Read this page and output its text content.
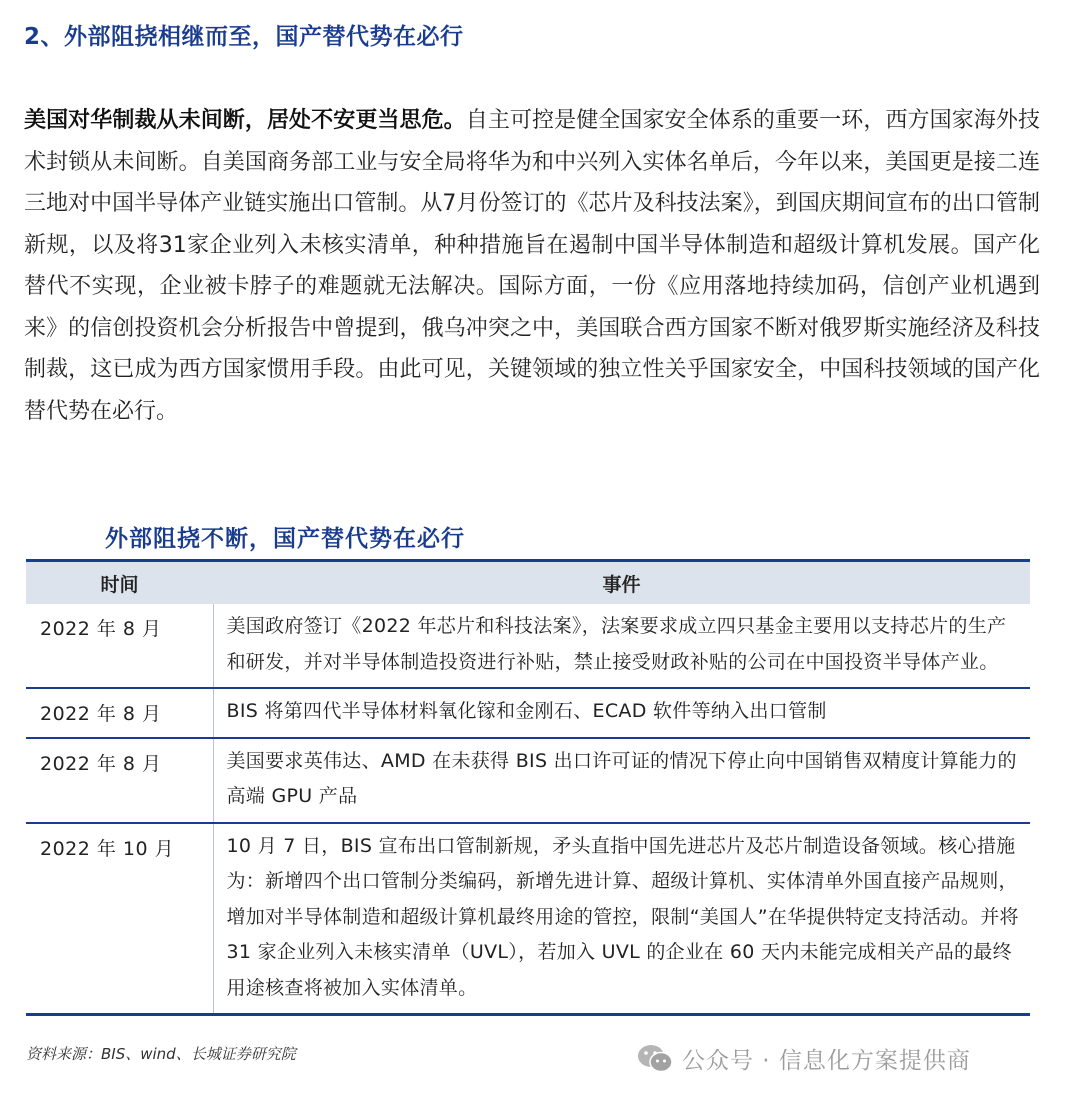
2、外部阻挠相继而至，国产替代势在必行

美国对华制裁从未间断，居处不安更当思危。自主可控是健全国家安全体系的重要一环，西方国家海外技术封锁从未间断。自美国商务部工业与安全局将华为和中兴列入实体名单后，今年以来，美国更是接二连三地对中国半导体产业链实施出口管制。从7月份签订的《芯片及科技法案》，到国庆期间宣布的出口管制新规，以及将31家企业列入未核实清单，种种措施旨在遏制中国半导体制造和超级计算机发展。国产化替代不实现，企业被卡脖子的难题就无法解决。国际方面，一份《应用落地持续加码，信创产业机遇到来》的信创投资机会分析报告中曾提到，俄乌冲突之中，美国联合西方国家不断对俄罗斯实施经济及科技制裁，这已成为西方国家惯用手段。由此可见，关键领域的独立性关乎国家安全，中国科技领域的国产化替代势在必行。

外部阻挠不断，国产替代势在必行
时间	事件
2022 年 8 月	美国政府签订《2022 年芯片和科技法案》，法案要求成立四只基金主要用以支持芯片的生产和研发，并对半导体制造投资进行补贴，禁止接受财政补贴的公司在中国投资半导体产业。
2022 年 8 月	BIS 将第四代半导体材料氧化镓和金刚石、ECAD 软件等纳入出口管制
2022 年 8 月	美国要求英伟达、AMD 在未获得 BIS 出口许可证的情况下停止向中国销售双精度计算能力的高端 GPU 产品
2022 年 10 月	10 月 7 日，BIS 宣布出口管制新规，矛头直指中国先进芯片及芯片制造设备领域。核心措施为：新增四个出口管制分类编码，新增先进计算、超级计算机、实体清单外国直接产品规则，增加对半导体制造和超级计算机最终用途的管控，限制“美国人”在华提供特定支持活动。并将 31 家企业列入未核实清单（UVL），若加入 UVL 的企业在 60 天内未能完成相关产品的最终用途核查将被加入实体清单。
资料来源：BIS、wind、长城证券研究院	公众号 · 信息化方案提供商
